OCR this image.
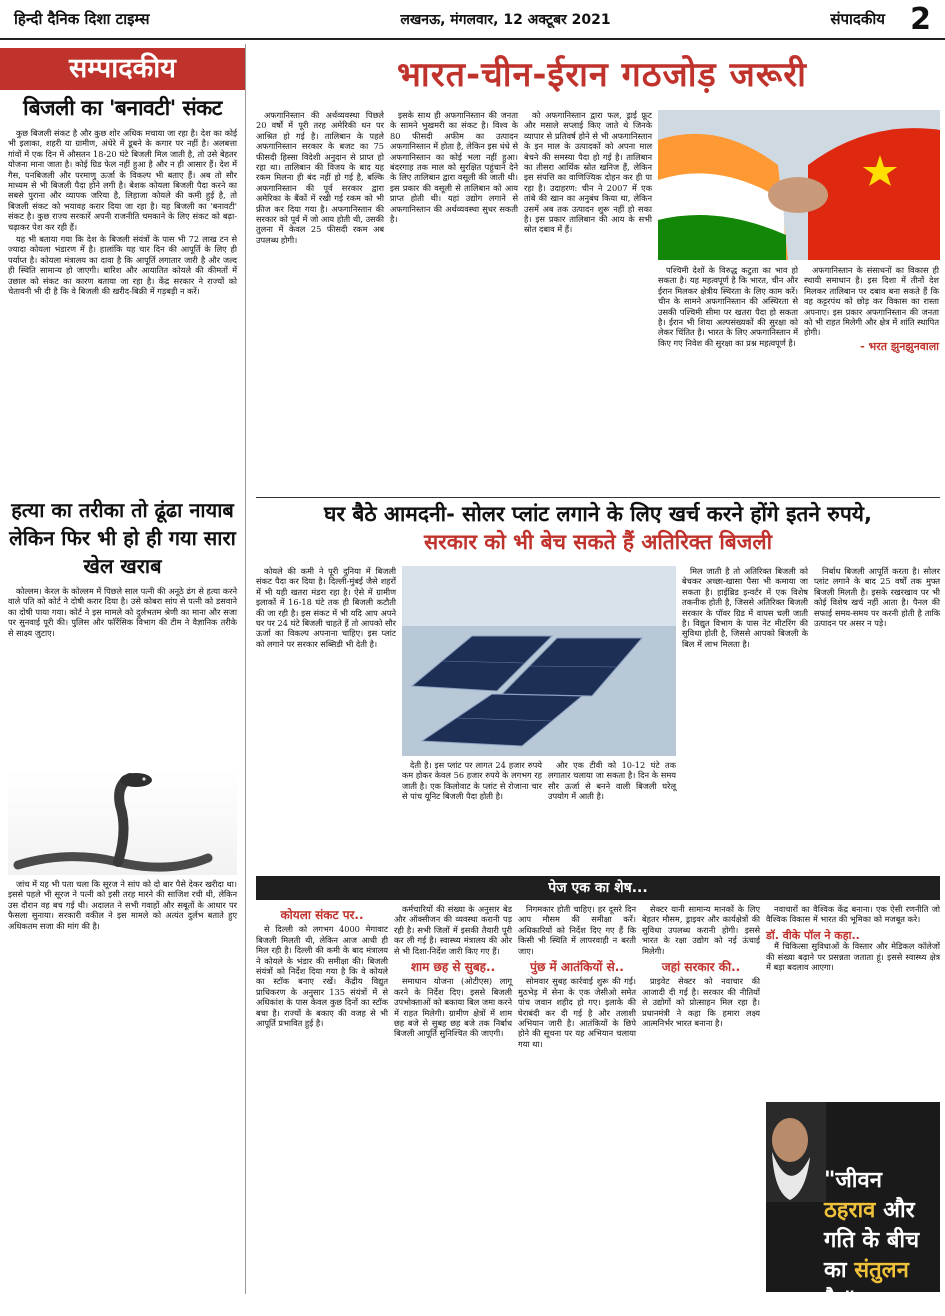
हिन्दी दैनिक दिशा टाइम्स	लखनऊ, मंगलवार, 12 अक्टूबर 2021	संपादकीय 2
सम्पादकीय
बिजली का 'बनावटी' संकट

कुछ बिजली संकट है और कुछ शोर अधिक मचाया जा रहा है। देश का कोई भी इलाका, शहरी या ग्रामीण, अंधेरे में डूबने के कगार पर नहीं है। अलबत्ता गांवों में एक दिन में औसतन 18-20 घंटे बिजली मिल जाती है, तो उसे बेहतर योजना माना जाता है। कोई ग्रिड फेल नहीं हुआ है और न ही आसार हैं। देश में गैस, पनबिजली और परमाणु ऊर्जा के विकल्प भी बताए हैं। अब तो सौर माध्यम से भी बिजली पैदा होने लगी है। बेशक कोयला बिजली पैदा करने का सबसे पुराना और व्यापक जरिया है, लिहाजा कोयले की कमी हुई है, तो बिजली संकट को भयावह करार दिया जा रहा है। यह बिजली का 'बनावटी' संकट है। कुछ राज्य सरकारें अपनी राजनीति चमकाने के लिए संकट को बढ़ा-चढ़ाकर पेश कर रही हैं।

यह भी बताया गया कि देश के बिजली संयंत्रों के पास भी 72 लाख टन से ज्यादा कोयला भंडारण में है। हालांकि यह चार दिन की आपूर्ति के लिए ही पर्याप्त है। कोयला मंत्रालय का दावा है कि आपूर्ति लगातार जारी है और जल्द ही स्थिति सामान्य हो जाएगी। बारिश और आयातित कोयले की कीमतों में उछाल को संकट का कारण बताया जा रहा है। केंद्र सरकार ने राज्यों को चेतावनी भी दी है कि वे बिजली की खरीद-बिक्री में गड़बड़ी न करें।

हत्या का तरीका तो ढूंढा नायाब लेकिन फिर भी हो ही गया सारा खेल खराब

कोल्लम। केरल के कोल्लम में पिछले साल पत्नी की अनूठे ढंग से हत्या करने वाले पति को कोर्ट ने दोषी करार दिया है। उसे कोबरा सांप से पत्नी को डसवाने का दोषी पाया गया। कोर्ट ने इस मामले को दुर्लभतम श्रेणी का माना और सजा पर सुनवाई पूरी की। पुलिस और फॉरेंसिक विभाग की टीम ने वैज्ञानिक तरीके से साक्ष्य जुटाए।

जांच में यह भी पता चला कि सूरज ने सांप को दो बार पैसे देकर खरीदा था। इससे पहले भी सूरज ने पत्नी को इसी तरह मारने की साजिश रची थी, लेकिन उस दौरान वह बच गई थी। अदालत ने सभी गवाहों और सबूतों के आधार पर फैसला सुनाया। सरकारी वकील ने इस मामले को अत्यंत दुर्लभ बताते हुए अधिकतम सजा की मांग की है।

भारत-चीन-ईरान गठजोड़ जरूरी

अफगानिस्तान की अर्थव्यवस्था पिछले 20 वर्षों में पूरी तरह अमेरिकी धन पर आश्रित हो गई है। तालिबान के पहले अफगानिस्तान सरकार के बजट का 75 फीसदी हिस्सा विदेशी अनुदान से प्राप्त हो रहा था। तालिबान की विजय के बाद यह रकम मिलना ही बंद नहीं हो गई है, बल्कि अफगानिस्तान की पूर्व सरकार द्वारा अमेरिका के बैंकों में रखी गई रकम को भी फ्रीज कर दिया गया है। अफगानिस्तान की सरकार को पूर्व में जो आय होती थी, उसकी तुलना में केवल 25 फीसदी रकम अब उपलब्ध होगी।

इसके साथ ही अफगानिस्तान की जनता के सामने भुखमरी का संकट है। विश्व के 80 फीसदी अफीम का उत्पादन अफगानिस्तान में होता है, लेकिन इस धंधे से अफगानिस्तान का कोई भला नहीं हुआ। बंदरगाह तक माल को सुरक्षित पहुंचाने देने के लिए तालिबान द्वारा वसूली की जाती थी। इस प्रकार की वसूली से तालिबान को आय प्राप्त होती थी। यहां उद्योग लगाने से अफगानिस्तान की अर्थव्यवस्था सुधर सकती है।

को अफगानिस्तान द्वारा फल, ड्राई फ्रूट और मसाले सप्लाई किए जाते थे जिनके व्यापार से प्रतिवर्ष होने से भी अफगानिस्तान के इन माल के उत्पादकों को अपना माल बेचने की समस्या पैदा हो गई है। तालिबान का तीसरा आर्थिक स्रोत खनिज हैं, लेकिन इस संपत्ति का वाणिज्यिक दोहन कर ही पा रहा है। उदाहरण: चीन ने 2007 में एक तांबे की खान का अनुबंध किया था, लेकिन उसमें अब तक उत्पादन शुरू नहीं हो सका है। इस प्रकार तालिबान की आय के सभी स्रोत दबाव में हैं।

पश्चिमी देशों के विरुद्ध कटुता का भाव हो सकता है। यह महत्वपूर्ण है कि भारत, चीन और ईरान मिलकर क्षेत्रीय स्थिरता के लिए काम करें। चीन के सामने अफगानिस्तान की अस्थिरता से उसकी पश्चिमी सीमा पर खतरा पैदा हो सकता है। ईरान भी शिया अल्पसंख्यकों की सुरक्षा को लेकर चिंतित है। भारत के लिए अफगानिस्तान में किए गए निवेश की सुरक्षा का प्रश्न महत्वपूर्ण है।

अफगानिस्तान के संसाधनों का विकास ही स्थायी समाधान है। इस दिशा में तीनों देश मिलकर तालिबान पर दबाव बना सकते हैं कि वह कट्टरपंथ को छोड़ कर विकास का रास्ता अपनाए। इस प्रकार अफगानिस्तान की जनता को भी राहत मिलेगी और क्षेत्र में शांति स्थापित होगी।

- भरत झुनझुनवाला
घर बैठे आमदनी- सोलर प्लांट लगाने के लिए खर्च करने होंगे इतने रुपये,
सरकार को भी बेच सकते हैं अतिरिक्त बिजली

कोयले की कमी ने पूरी दुनिया में बिजली संकट पैदा कर दिया है। दिल्ली-मुंबई जैसे शहरों में भी यही खतरा मंडरा रहा है। ऐसे में ग्रामीण इलाकों में 16-18 घंटे तक ही बिजली कटौती की जा रही है। इस संकट में भी यदि आप अपने घर पर 24 घंटे बिजली चाहते हैं तो आपको सौर ऊर्जा का विकल्प अपनाना चाहिए। इस प्लांट को लगाने पर सरकार सब्सिडी भी देती है।

देती है। इस प्लांट पर लागत 24 हजार रुपये कम होकर केवल 56 हजार रुपये के लगभग रह जाती है। एक किलोवाट के प्लांट से रोजाना चार से पांच यूनिट बिजली पैदा होती है।

और एक टीवी को 10-12 घंटे तक लगातार चलाया जा सकता है। दिन के समय सौर ऊर्जा से बनने वाली बिजली घरेलू उपयोग में आती है।

मिल जाती है तो अतिरिक्त बिजली को बेचकर अच्छा-खासा पैसा भी कमाया जा सकता है। हाईब्रिड इन्वर्टर में एक विशेष तकनीक होती है, जिससे अतिरिक्त बिजली सरकार के पॉवर ग्रिड में वापस चली जाती है। विद्युत विभाग के पास नेट मीटरिंग की सुविधा होती है, जिससे आपको बिजली के बिल में लाभ मिलता है।

निर्बाध बिजली आपूर्ति करता है। सोलर प्लांट लगाने के बाद 25 वर्षों तक मुफ्त बिजली मिलती है। इसके रखरखाव पर भी कोई विशेष खर्च नहीं आता है। पैनल की सफाई समय-समय पर करनी होती है ताकि उत्पादन पर असर न पड़े।

पेज एक का शेष...
कोयला संकट पर..

से दिल्ली को लगभग 4000 मेगावाट बिजली मिलती थी, लेकिन आज आधी ही मिल रही है। दिल्ली की कमी के बाद मंत्रालय ने कोयले के भंडार की समीक्षा की। बिजली संयंत्रों को निर्देश दिया गया है कि वे कोयले का स्टॉक बनाए रखें। केंद्रीय विद्युत प्राधिकरण के अनुसार 135 संयंत्रों में से अधिकांश के पास केवल कुछ दिनों का स्टॉक बचा है। राज्यों के बकाए की वजह से भी आपूर्ति प्रभावित हुई है।

कर्मचारियों की संख्या के अनुसार बेड और ऑक्सीजन की व्यवस्था करानी पड़ रही है। सभी जिलों में इसकी तैयारी पूरी कर ली गई है। स्वास्थ्य मंत्रालय की ओर से भी दिशा-निर्देश जारी किए गए हैं।

शाम छह से सुबह..

समाधान योजना (ओटीएस) लागू करने के निर्देश दिए। इससे बिजली उपभोक्ताओं को बकाया बिल जमा करने में राहत मिलेगी। ग्रामीण क्षेत्रों में शाम छह बजे से सुबह छह बजे तक निर्बाध बिजली आपूर्ति सुनिश्चित की जाएगी।

निगमकार होती चाहिए। हर दूसरे दिन आप मौसम की समीक्षा करें। अधिकारियों को निर्देश दिए गए हैं कि किसी भी स्थिति में लापरवाही न बरती जाए।

पुंछ में आतंकियों से..

सोमवार सुबह कार्रवाई शुरू की गई। मुठभेड़ में सेना के एक जेसीओ समेत पांच जवान शहीद हो गए। इलाके की घेराबंदी कर दी गई है और तलाशी अभियान जारी है। आतंकियों के छिपे होने की सूचना पर यह अभियान चलाया गया था।

सेक्टर यानी सामान्य मानकों के लिए बेहतर मौसम, ड्राइवर और कार्यक्षेत्रों की सुविधा उपलब्ध करानी होगी। इससे भारत के रक्षा उद्योग को नई ऊंचाई मिलेगी।

जहां सरकार की..

प्राइवेट सेक्टर को नवाचार की आजादी दी गई है। सरकार की नीतियों से उद्योगों को प्रोत्साहन मिल रहा है। प्रधानमंत्री ने कहा कि हमारा लक्ष्य आत्मनिर्भर भारत बनाना है।

नवाचारों का वैश्विक केंद्र बनाना। एक ऐसी रणनीति जो वैश्विक विकास में भारत की भूमिका को मजबूत करे।

डॉ. वीके पॉल ने कहा..

मैं चिकित्सा सुविधाओं के विस्तार और मेडिकल कॉलेजों की संख्या बढ़ाने पर प्रसन्नता जताता हूं। इससे स्वास्थ्य क्षेत्र में बड़ा बदलाव आएगा।

"जीवन ठहराव और गति के बीच का संतुलन है।"
